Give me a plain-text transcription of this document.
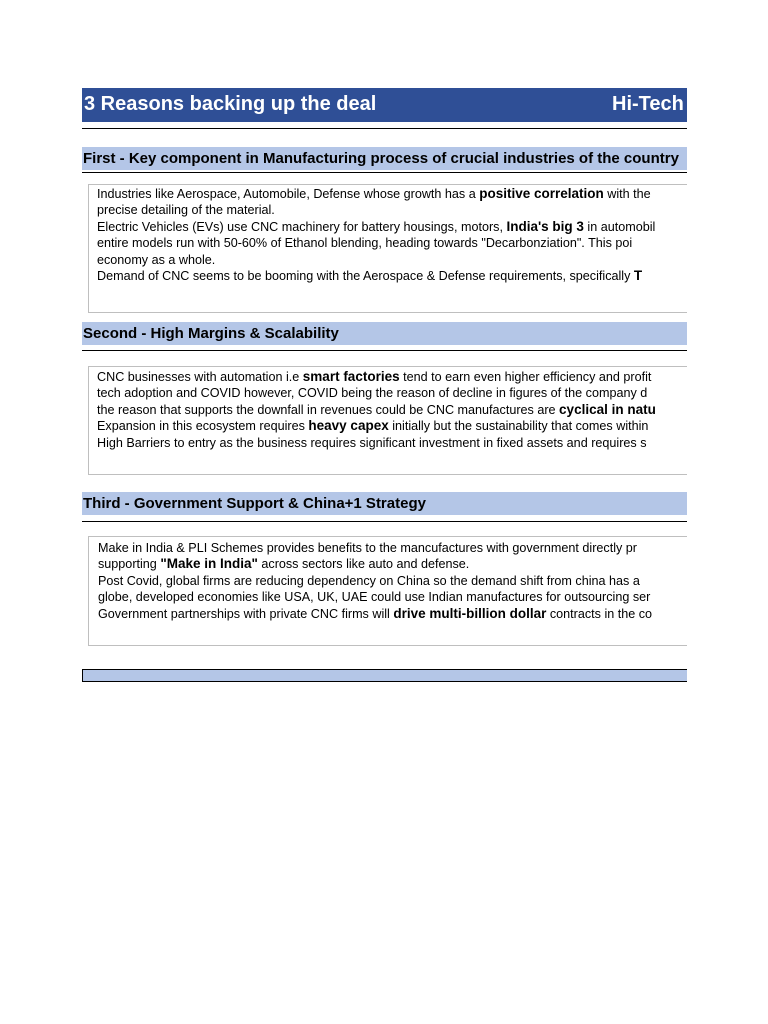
3 Reasons backing up the deal	Hi-Tech
First - Key component in Manufacturing process of crucial industries of the country
Industries like Aerospace, Automobile, Defense whose growth has a positive correlation with the
precise detailing of the material.
Electric Vehicles (EVs) use CNC machinery for battery housings, motors, India's big 3 in automobil
entire models run with 50-60% of Ethanol blending, heading towards "Decarbonziation". This poi
economy as a whole.
Demand of CNC seems to be booming with the Aerospace & Defense requirements, specifically T
Second - High Margins & Scalability
CNC businesses with automation i.e smart factories tend to earn even higher efficiency and profit
tech adoption and COVID however, COVID being the reason of decline in figures of the company d
the reason that supports the downfall in revenues could be CNC manufactures are cyclical in natu
Expansion in this ecosystem requires heavy capex initially but the sustainability that comes within
High Barriers to entry as the business requires significant investment in fixed assets and requires s
Third - Government Support & China+1 Strategy
Make in India & PLI Schemes provides benefits to the mancufactures with government directly pr
supporting "Make in India" across sectors like auto and defense.
Post Covid, global firms are reducing dependency on China so the demand shift from china has a
globe, developed economies like USA, UK, UAE could use Indian manufactures for outsourcing ser
Government partnerships with private CNC firms will drive multi-billion dollar contracts in the co
